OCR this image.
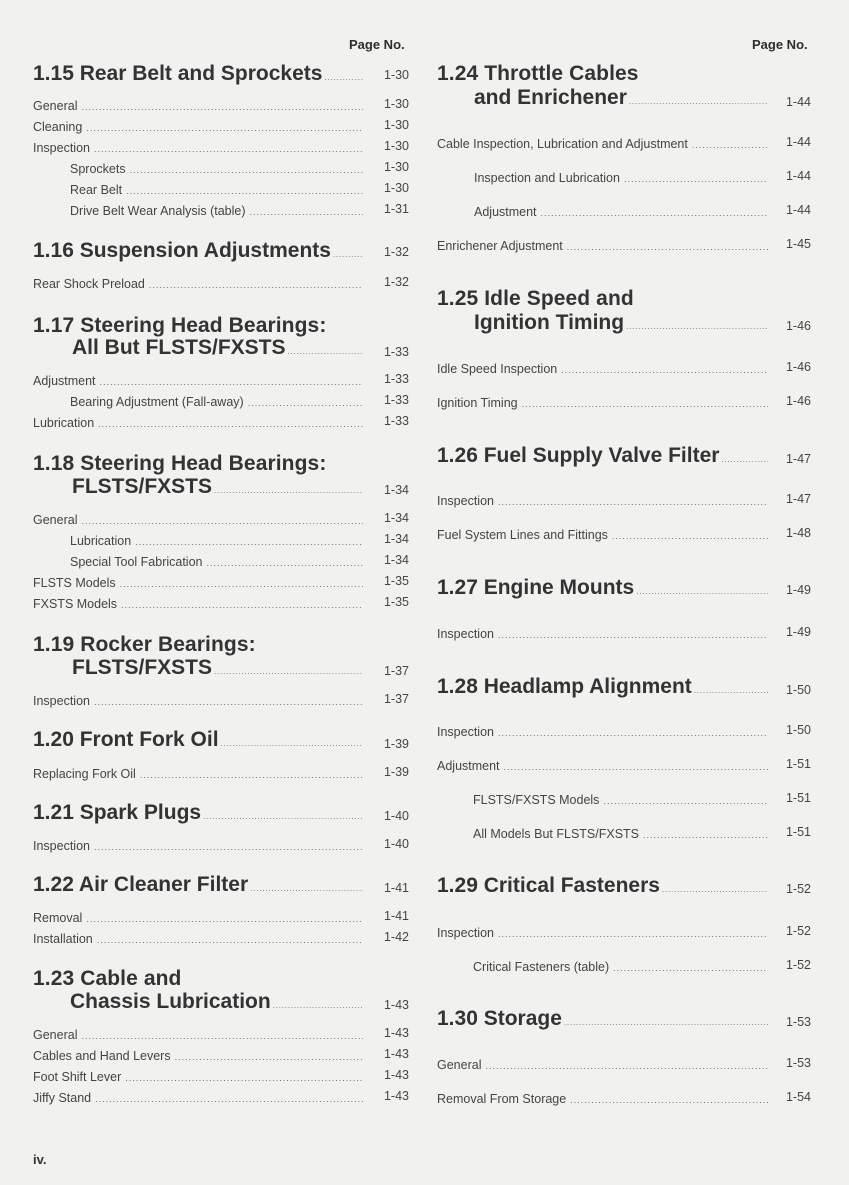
Page No.	Page No.
1.15 Rear Belt and Sprockets .....	1-30
General .....	1-30
Cleaning .....	1-30
Inspection .....	1-30
Sprockets .....	1-30
Rear Belt .....	1-30
Drive Belt Wear Analysis (table) .....	1-31
1.16 Suspension Adjustments .....	1-32
Rear Shock Preload .....	1-32
1.17 Steering Head Bearings:
All But FLSTS/FXSTS .....	1-33
Adjustment .....	1-33
Bearing Adjustment (Fall-away) .....	1-33
Lubrication .....	1-33
1.18 Steering Head Bearings:
FLSTS/FXSTS .....	1-34
General .....	1-34
Lubrication .....	1-34
Special Tool Fabrication .....	1-34
FLSTS Models .....	1-35
FXSTS Models .....	1-35
1.19 Rocker Bearings:
FLSTS/FXSTS .....	1-37
Inspection .....	1-37
1.20 Front Fork Oil .....	1-39
Replacing Fork Oil .....	1-39
1.21 Spark Plugs .....	1-40
Inspection .....	1-40
1.22 Air Cleaner Filter .....	1-41
Removal .....	1-41
Installation .....	1-42
1.23 Cable and
Chassis Lubrication .....	1-43
General .....	1-43
Cables and Hand Levers .....	1-43
Foot Shift Lever .....	1-43
Jiffy Stand .....	1-43
1.24 Throttle Cables
and Enrichener .....	1-44
Cable Inspection, Lubrication and Adjustment .....	1-44
Inspection and Lubrication .....	1-44
Adjustment .....	1-44
Enrichener Adjustment .....	1-45
1.25 Idle Speed and
Ignition Timing .....	1-46
Idle Speed Inspection .....	1-46
Ignition Timing .....	1-46
1.26 Fuel Supply Valve Filter .....	1-47
Inspection .....	1-47
Fuel System Lines and Fittings .....	1-48
1.27 Engine Mounts .....	1-49
Inspection .....	1-49
1.28 Headlamp Alignment .....	1-50
Inspection .....	1-50
Adjustment .....	1-51
FLSTS/FXSTS Models .....	1-51
All Models But FLSTS/FXSTS .....	1-51
1.29 Critical Fasteners .....	1-52
Inspection .....	1-52
Critical Fasteners (table) .....	1-52
1.30 Storage .....	1-53
General .....	1-53
Removal From Storage .....	1-54
iv.
